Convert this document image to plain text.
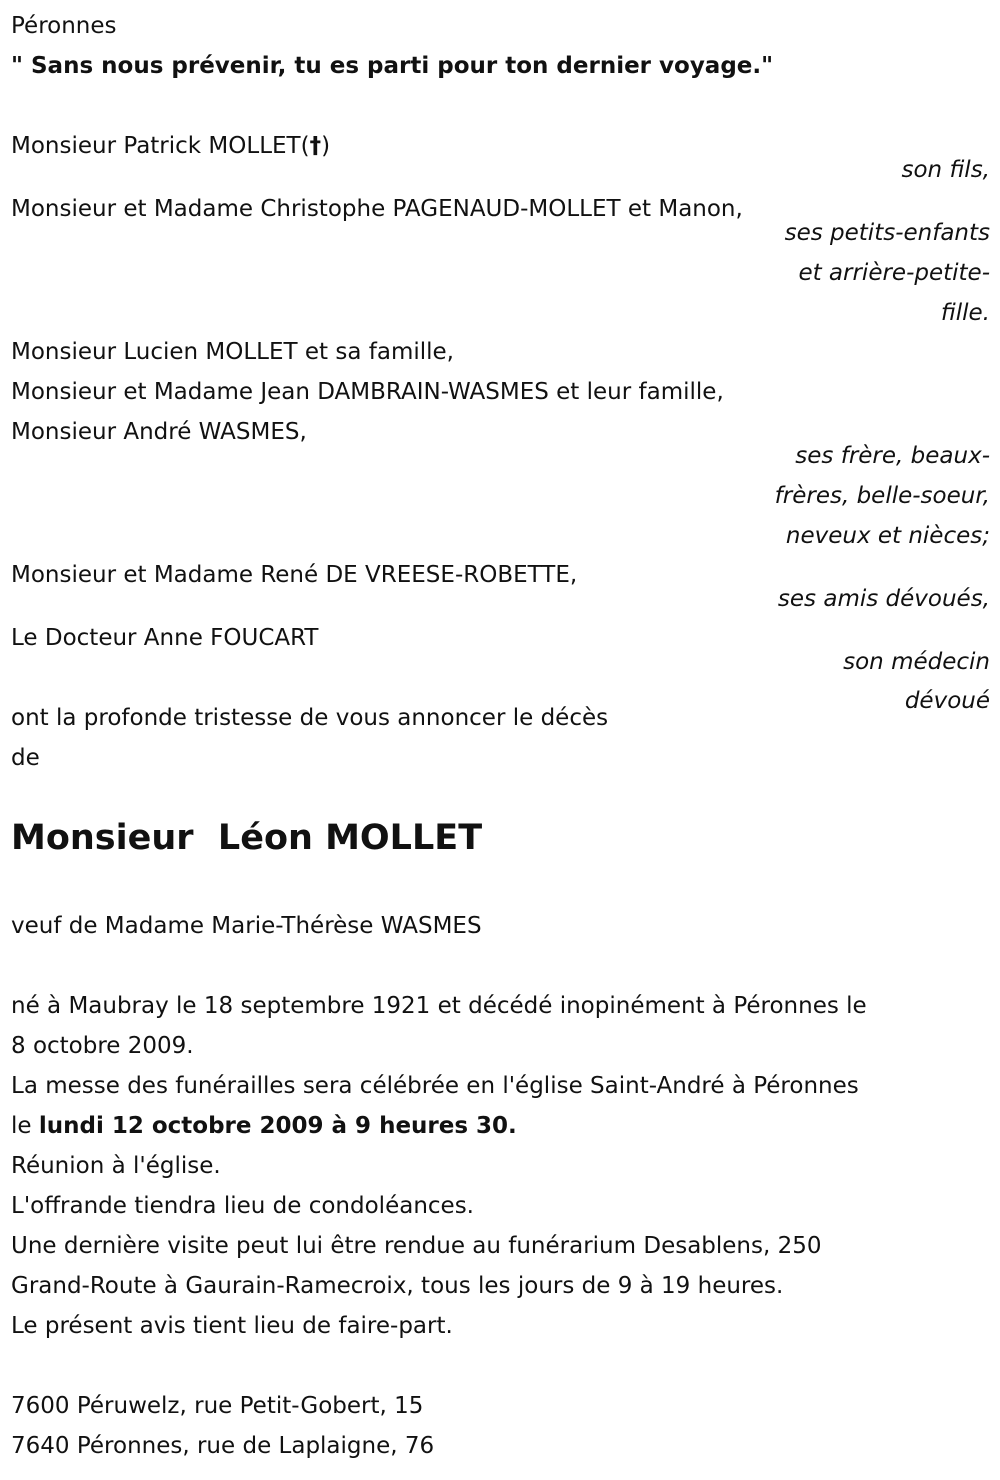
Péronnes
" Sans nous prévenir, tu es parti pour ton dernier voyage."
Monsieur Patrick MOLLET(†)
son fils,
Monsieur et Madame Christophe PAGENAUD-MOLLET et Manon,
ses petits-enfants
et arrière-petite-
fille.
Monsieur Lucien MOLLET et sa famille,
Monsieur et Madame Jean DAMBRAIN-WASMES et leur famille,
Monsieur André WASMES,
ses frère, beaux-
frères, belle-soeur,
neveux et nièces;
Monsieur et Madame René DE VREESE-ROBETTE,
ses amis dévoués,
Le Docteur Anne FOUCART
son médecin
dévoué
ont la profonde tristesse de vous annoncer le décès
de
Monsieur  Léon MOLLET
veuf de Madame Marie-Thérèse WASMES
né à Maubray le 18 septembre 1921 et décédé inopinément à Péronnes le
8 octobre 2009.
La messe des funérailles sera célébrée en l'église Saint-André à Péronnes
le lundi 12 octobre 2009 à 9 heures 30.
Réunion à l'église.
L'offrande tiendra lieu de condoléances.
Une dernière visite peut lui être rendue au funérarium Desablens, 250
Grand-Route à Gaurain-Ramecroix, tous les jours de 9 à 19 heures.
Le présent avis tient lieu de faire-part.
7600 Péruwelz, rue Petit-Gobert, 15
7640 Péronnes, rue de Laplaigne, 76
